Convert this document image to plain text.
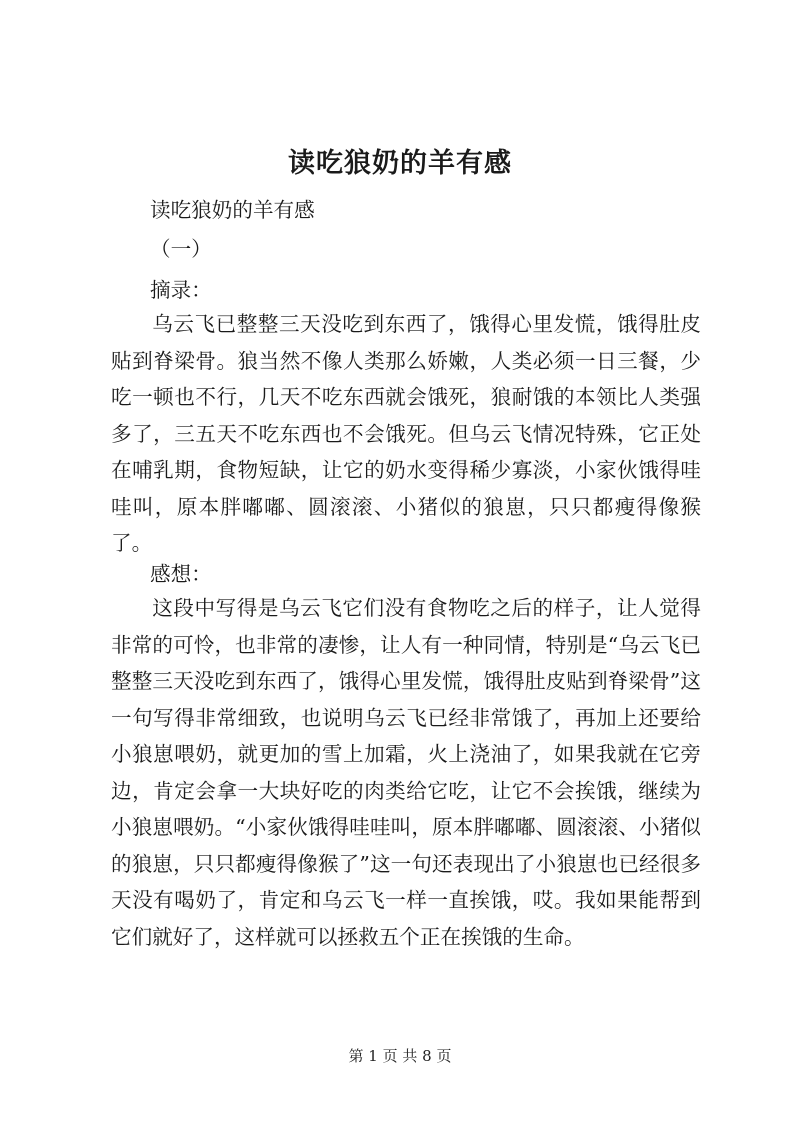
读吃狼奶的羊有感

读吃狼奶的羊有感

（一）

摘录：

乌云飞已整整三天没吃到东西了，饿得心里发慌，饿得肚皮贴到脊梁骨。狼当然不像人类那么娇嫩，人类必须一日三餐，少吃一顿也不行，几天不吃东西就会饿死，狼耐饿的本领比人类强多了，三五天不吃东西也不会饿死。但乌云飞情况特殊，它正处在哺乳期，食物短缺，让它的奶水变得稀少寡淡，小家伙饿得哇哇叫，原本胖嘟嘟、圆滚滚、小猪似的狼崽，只只都瘦得像猴了。

感想：

这段中写得是乌云飞它们没有食物吃之后的样子，让人觉得非常的可怜，也非常的凄惨，让人有一种同情，特别是“乌云飞已整整三天没吃到东西了，饿得心里发慌，饿得肚皮贴到脊梁骨”这一句写得非常细致，也说明乌云飞已经非常饿了，再加上还要给小狼崽喂奶，就更加的雪上加霜，火上浇油了，如果我就在它旁边，肯定会拿一大块好吃的肉类给它吃，让它不会挨饿，继续为小狼崽喂奶。“小家伙饿得哇哇叫，原本胖嘟嘟、圆滚滚、小猪似的狼崽，只只都瘦得像猴了”这一句还表现出了小狼崽也已经很多天没有喝奶了，肯定和乌云飞一样一直挨饿，哎。我如果能帮到它们就好了，这样就可以拯救五个正在挨饿的生命。

第 1 页 共 8 页
